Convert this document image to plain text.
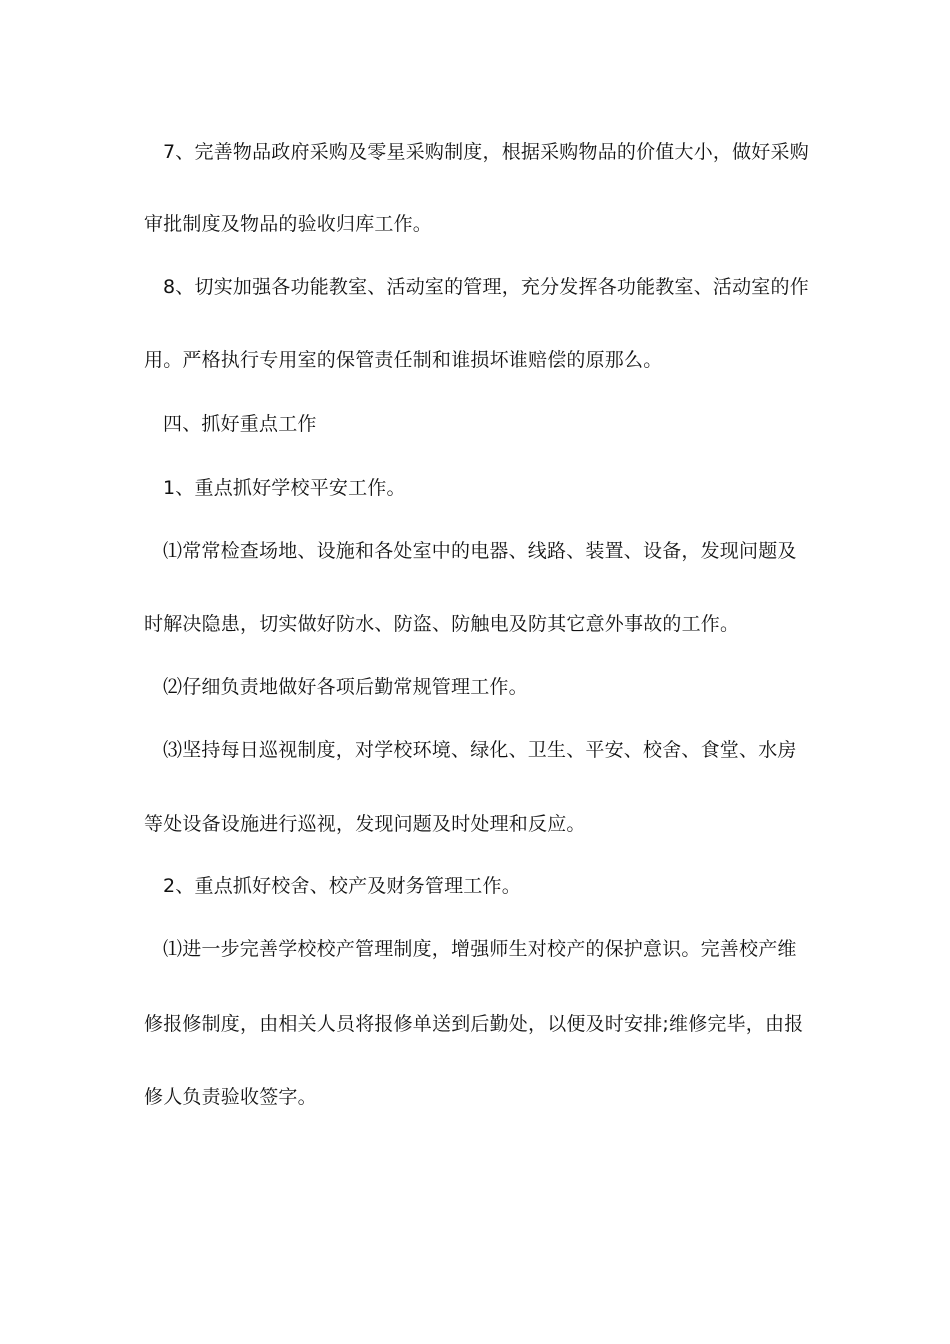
7、完善物品政府采购及零星采购制度，根据采购物品的价值大小，做好采购
审批制度及物品的验收归库工作。
8、切实加强各功能教室、活动室的管理，充分发挥各功能教室、活动室的作
用。严格执行专用室的保管责任制和谁损坏谁赔偿的原那么。
四、抓好重点工作
1、重点抓好学校平安工作。
⑴常常检查场地、设施和各处室中的电器、线路、装置、设备，发现问题及
时解决隐患，切实做好防水、防盗、防触电及防其它意外事故的工作。
⑵仔细负责地做好各项后勤常规管理工作。
⑶坚持每日巡视制度，对学校环境、绿化、卫生、平安、校舍、食堂、水房
等处设备设施进行巡视，发现问题及时处理和反应。
2、重点抓好校舍、校产及财务管理工作。
⑴进一步完善学校校产管理制度，增强师生对校产的保护意识。完善校产维
修报修制度，由相关人员将报修单送到后勤处，以便及时安排;维修完毕，由报
修人负责验收签字。
